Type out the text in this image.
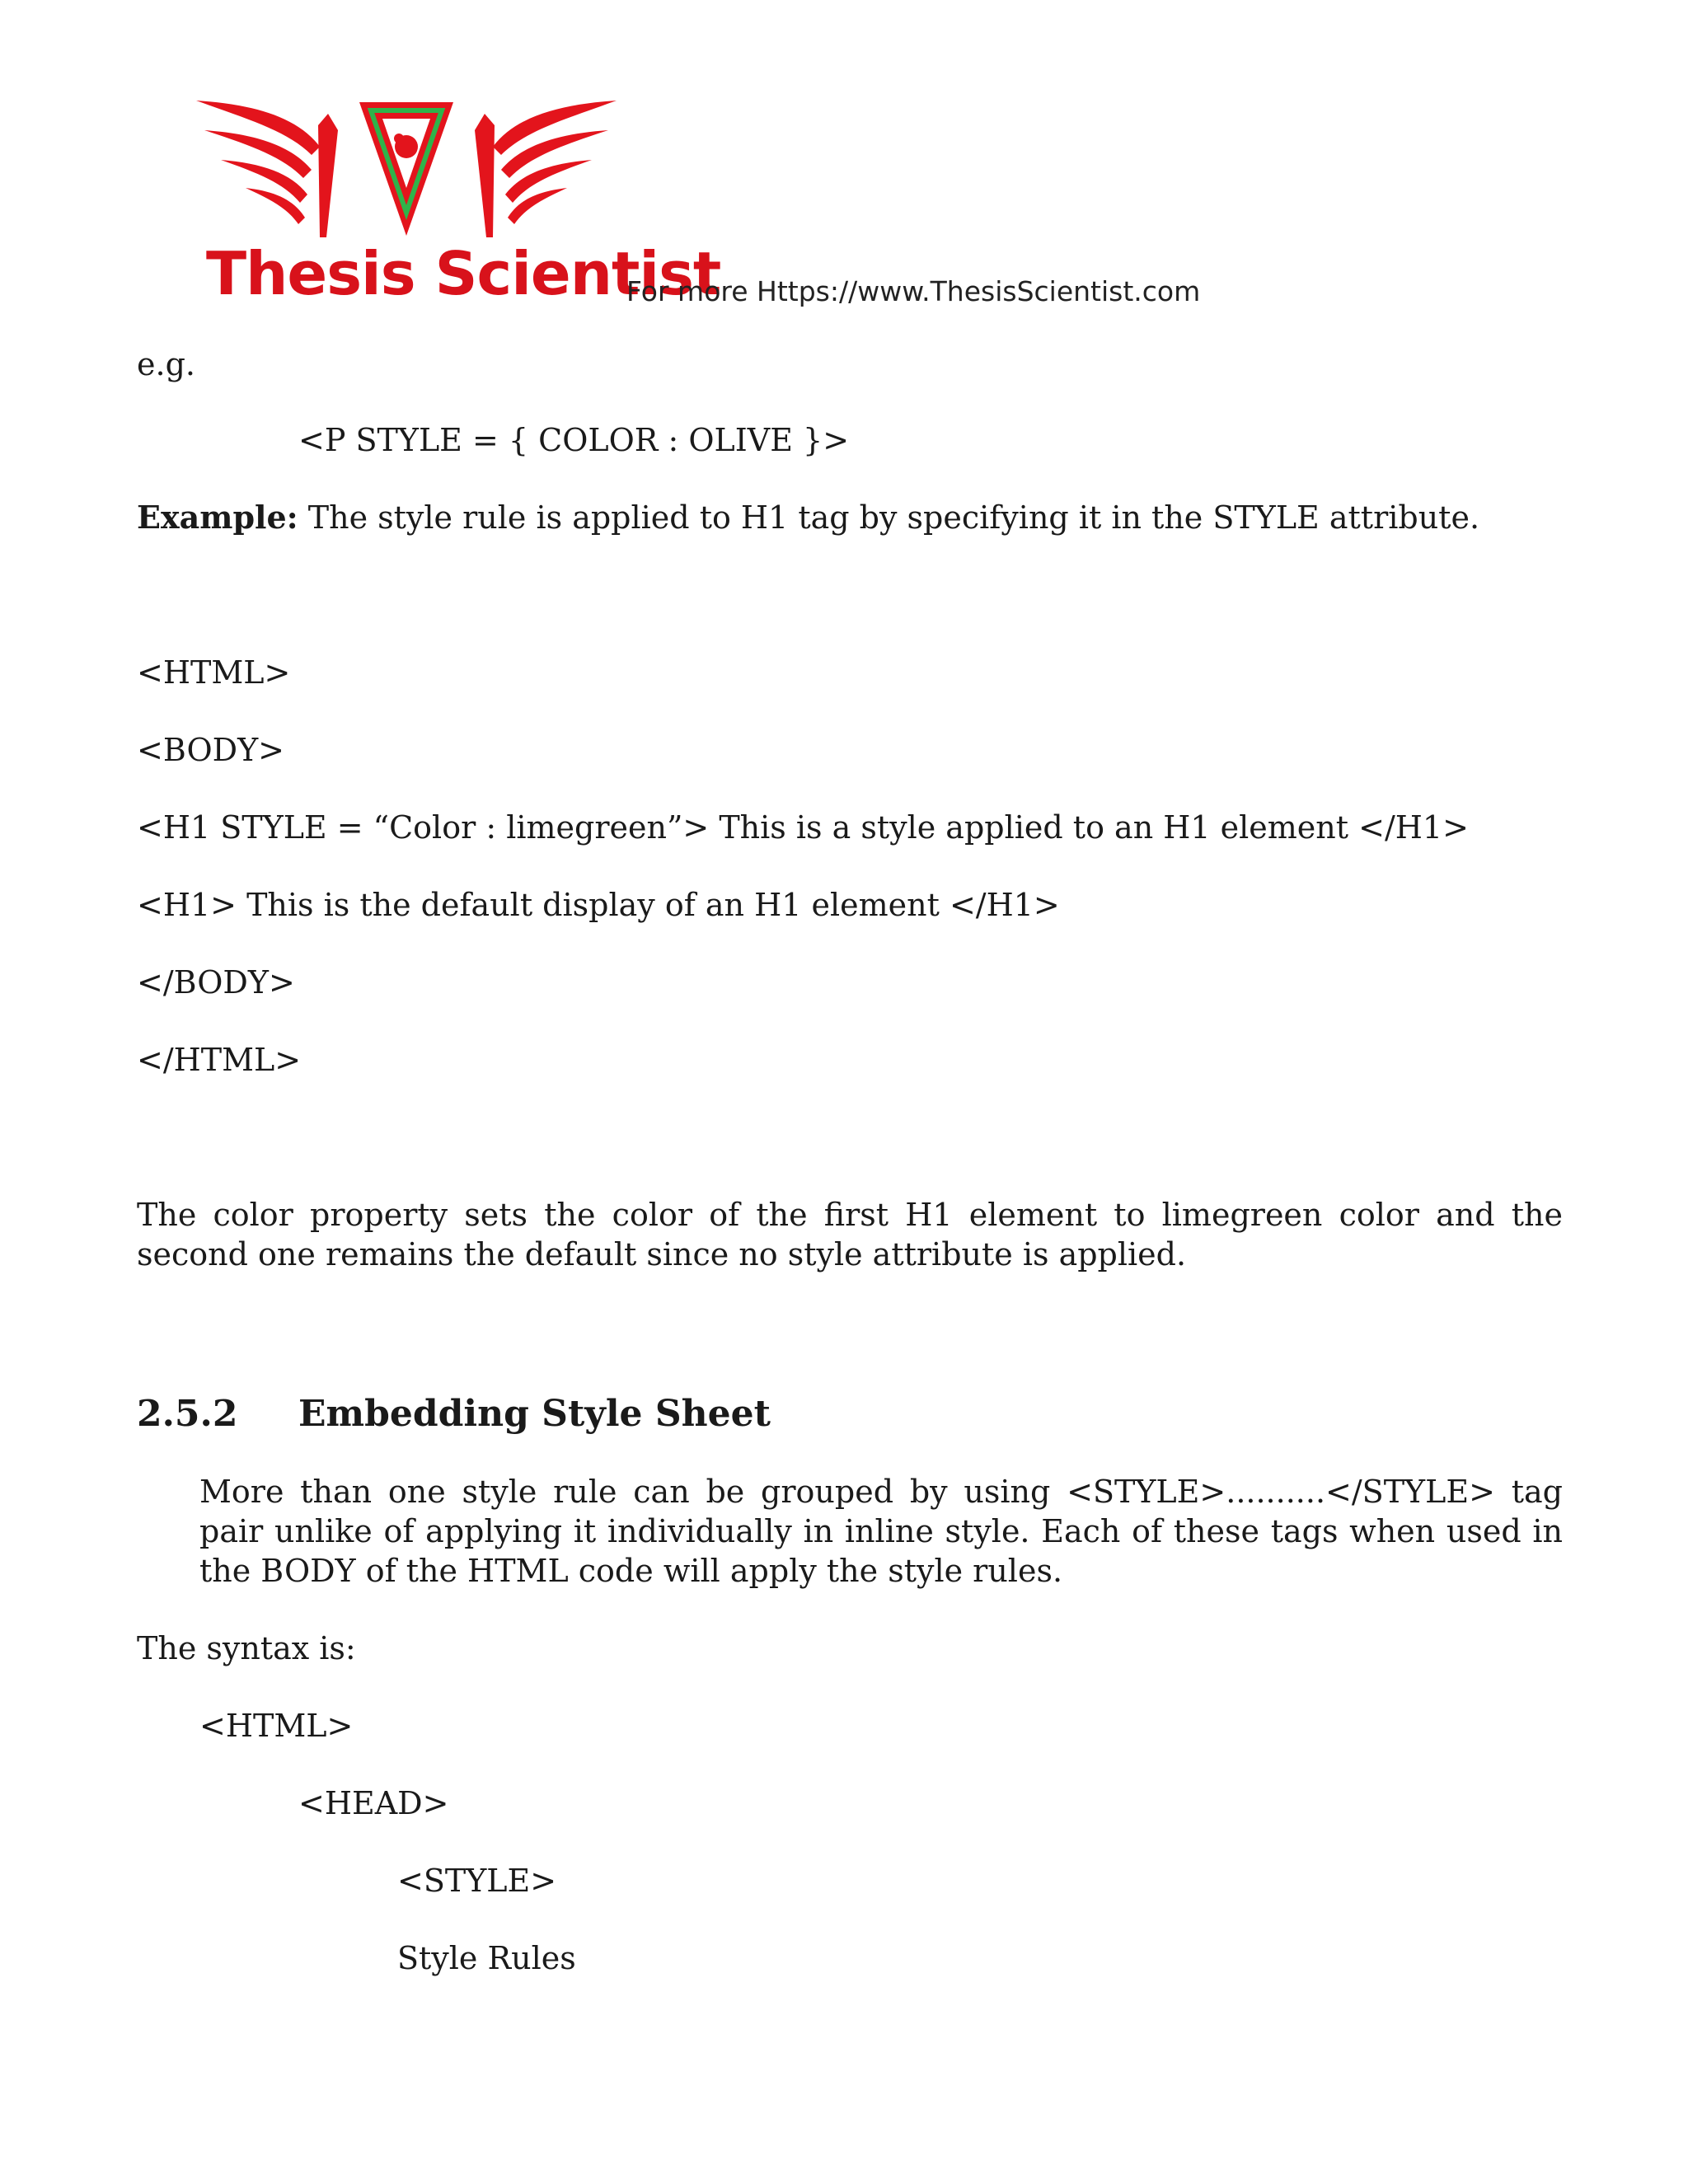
Thesis Scientist
For more Https://www.ThesisScientist.com
e.g.
<P STYLE = { COLOR : OLIVE }>
Example: The style rule is applied to H1 tag by specifying it in the STYLE attribute.
<HTML>
<BODY>
<H1 STYLE = “Color : limegreen”> This is a style applied to an H1 element </H1>
<H1> This is the default display of an H1 element </H1>
</BODY>
</HTML>
The color property sets the color of the first H1 element to limegreen color and the second one remains the default since no style attribute is applied.
2.5.2 Embedding Style Sheet
More than one style rule can be grouped by using <STYLE>..........</STYLE> tag pair unlike of applying it individually in inline style. Each of these tags when used in the BODY of the HTML code will apply the style rules.
The syntax is:
<HTML>
<HEAD>
<STYLE>
Style Rules
